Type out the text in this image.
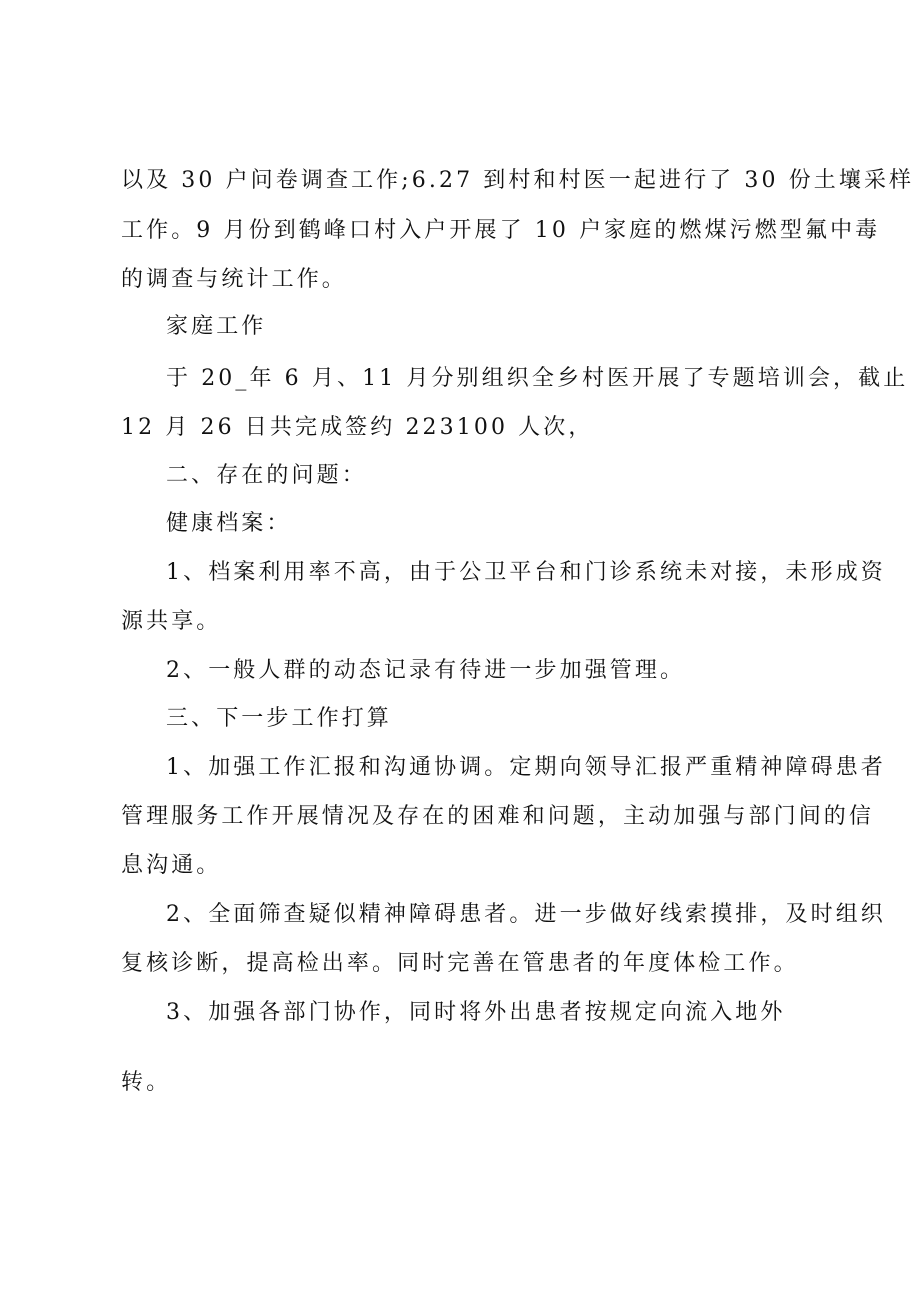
以及 30 户问卷调查工作;6.27 到村和村医一起进行了 30 份土壤采样
工作。9 月份到鹤峰口村入户开展了 10 户家庭的燃煤污燃型氟中毒
的调查与统计工作。
家庭工作
于 20_年 6 月、11 月分别组织全乡村医开展了专题培训会，截止
12 月 26 日共完成签约 223100 人次，
二、存在的问题：
健康档案：
1、档案利用率不高，由于公卫平台和门诊系统未对接，未形成资
源共享。
2、一般人群的动态记录有待进一步加强管理。
三、下一步工作打算
1、加强工作汇报和沟通协调。定期向领导汇报严重精神障碍患者
管理服务工作开展情况及存在的困难和问题，主动加强与部门间的信
息沟通。
2、全面筛查疑似精神障碍患者。进一步做好线索摸排，及时组织
复核诊断，提高检出率。同时完善在管患者的年度体检工作。
3、加强各部门协作，同时将外出患者按规定向流入地外
转。
